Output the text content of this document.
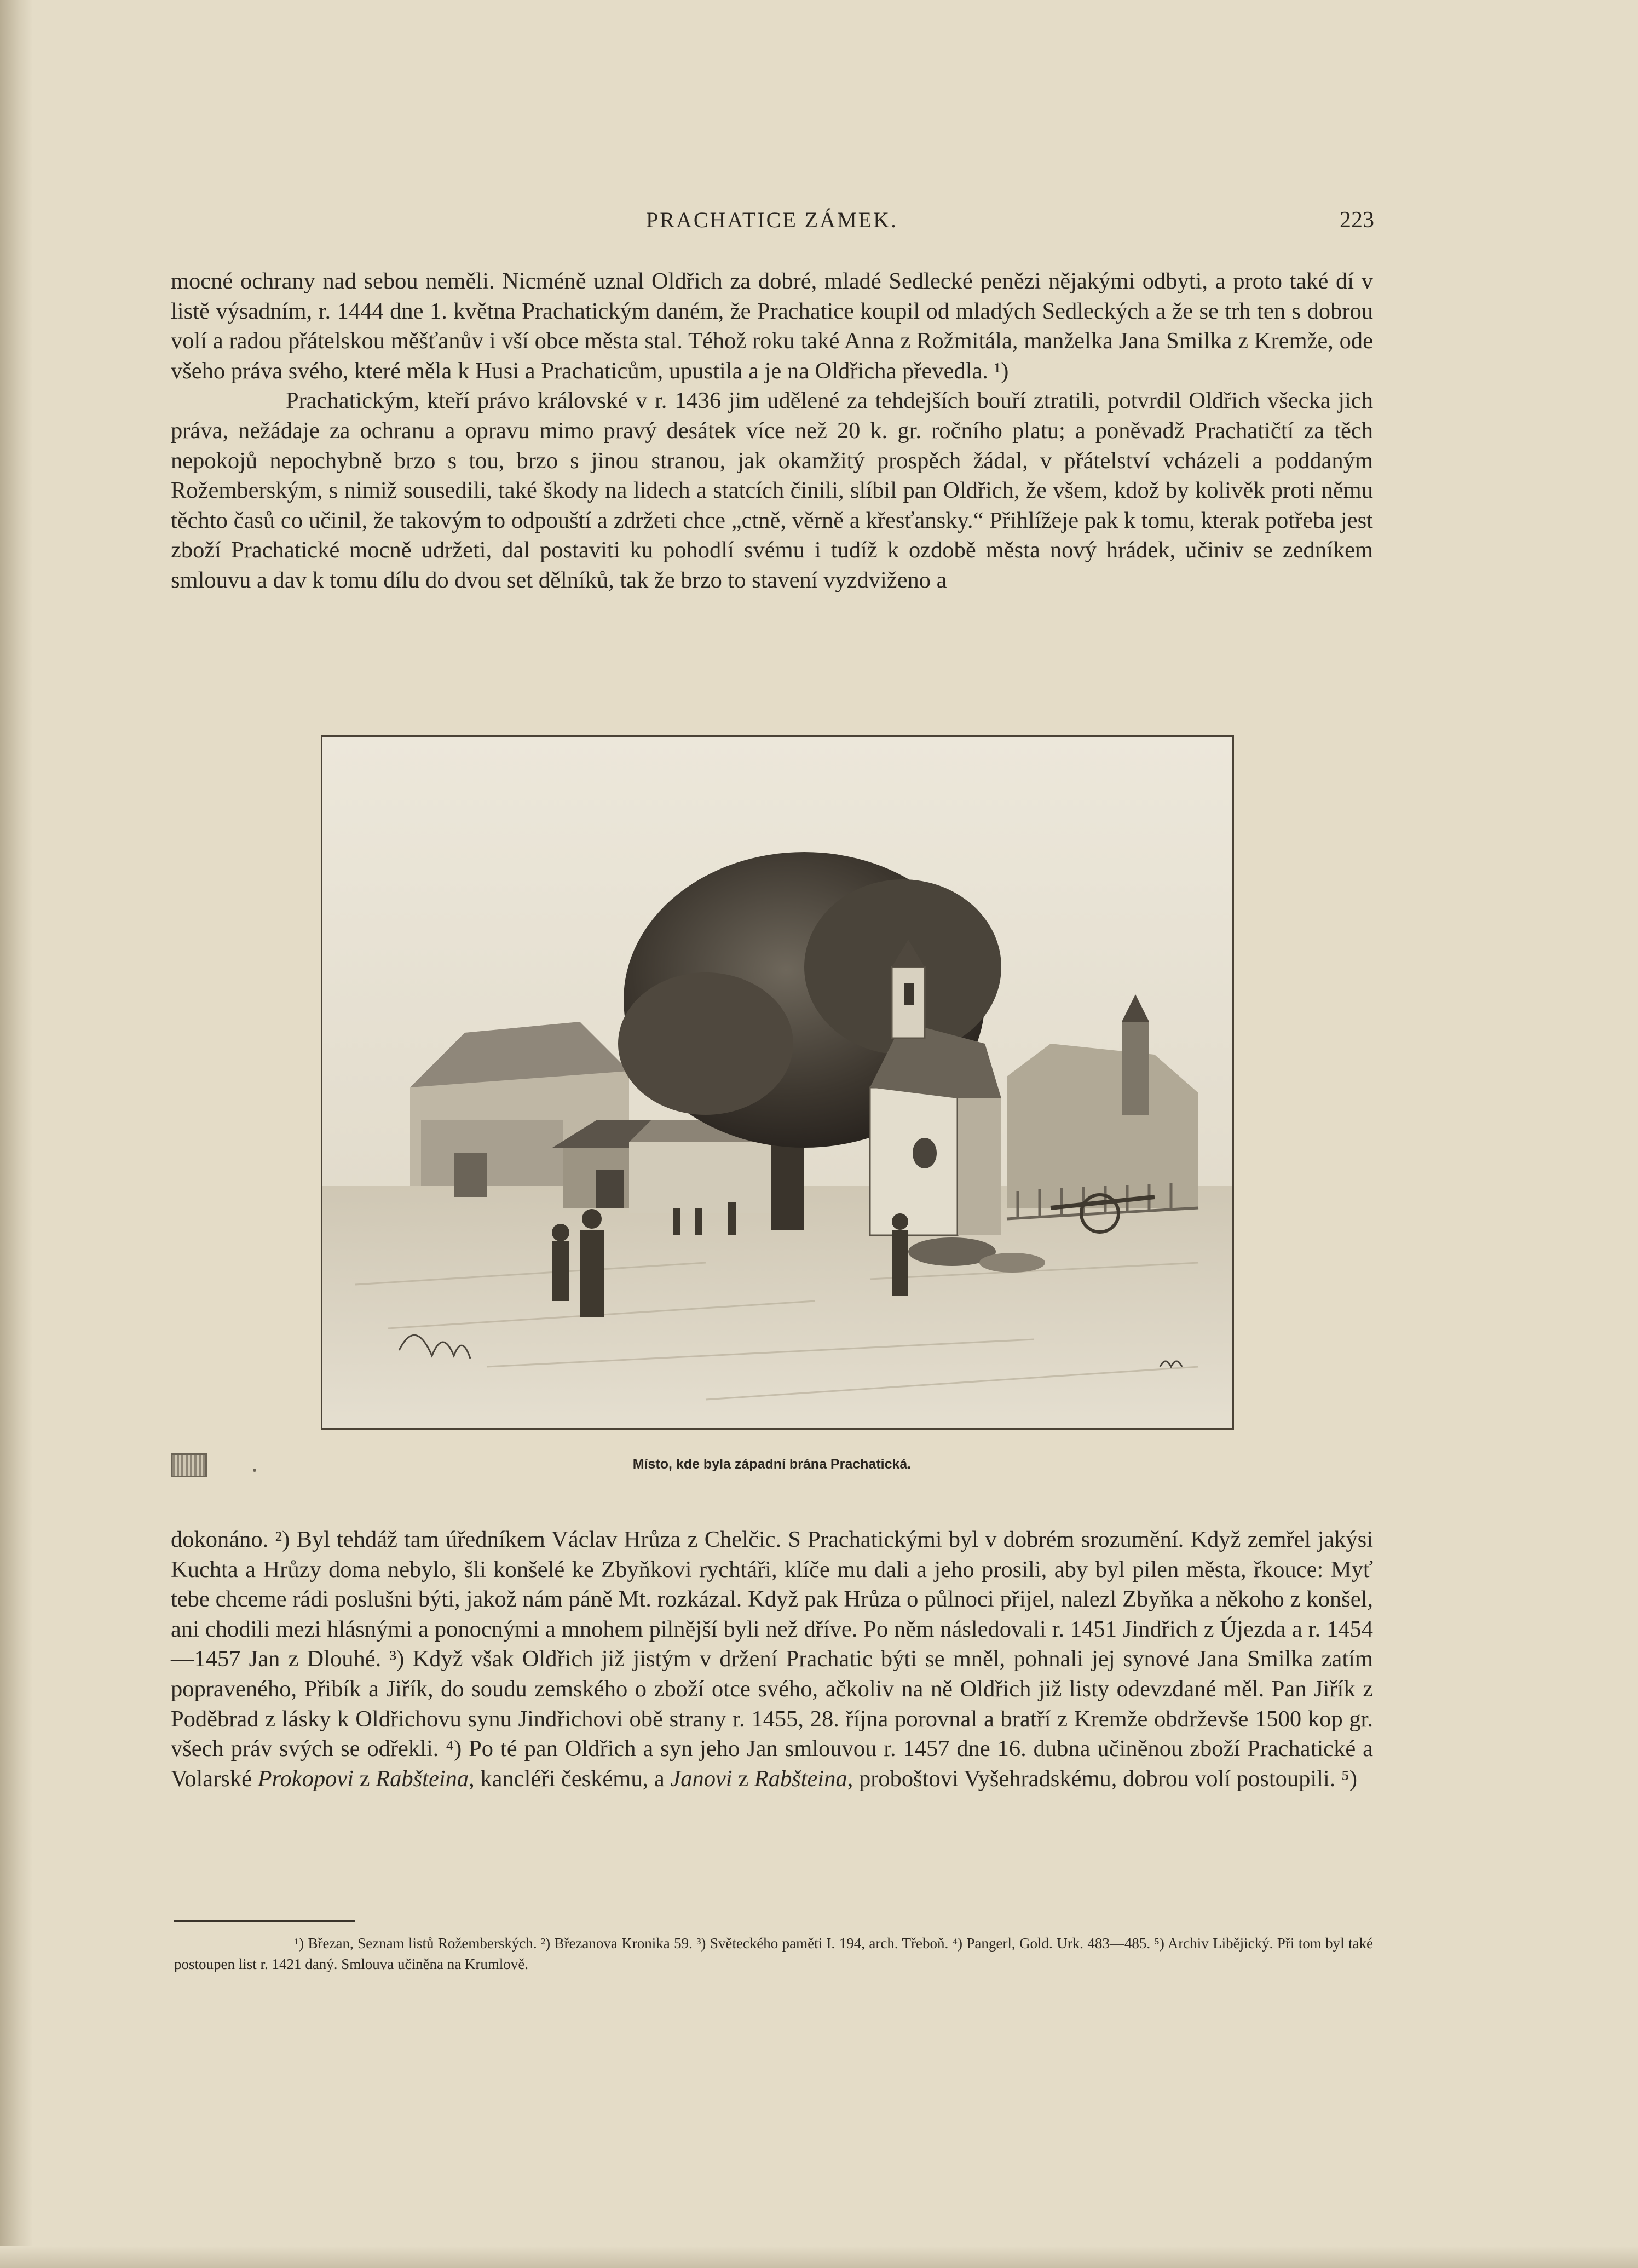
PRACHATICE ZÁMEK.	223

mocné ochrany nad sebou neměli. Nicméně uznal Oldřich za dobré, mladé Sedlecké penězi nějakými odbyti, a proto také dí v listě výsadním, r. 1444 dne 1. května Prachatickým daném, že Prachatice koupil od mladých Sedleckých a že se trh ten s dobrou volí a radou přátelskou měšťanův i vší obce města stal. Téhož roku také Anna z Rožmitála, manželka Jana Smilka z Kremže, ode všeho práva svého, které měla k Husi a Prachaticům, upustila a je na Oldřicha převedla. ¹)

Prachatickým, kteří právo královské v r. 1436 jim udělené za tehdejších bouří ztratili, potvrdil Oldřich všecka jich práva, nežádaje za ochranu a opravu mimo pravý desátek více než 20 k. gr. ročního platu; a poněvadž Prachatičtí za těch nepokojů nepochybně brzo s tou, brzo s jinou stranou, jak okamžitý prospěch žádal, v přátelství vcházeli a poddaným Rožemberským, s nimiž sousedili, také škody na lidech a statcích činili, slíbil pan Oldřich, že všem, kdož by kolivěk proti němu těchto časů co učinil, že takovým to odpouští a zdržeti chce „ctně, věrně a křesťansky.“ Přihlížeje pak k tomu, kterak potřeba jest zboží Prachatické mocně udržeti, dal postaviti ku pohodlí svému i tudíž k ozdobě města nový hrádek, učiniv se zedníkem smlouvu a dav k tomu dílu do dvou set dělníků, tak že brzo to stavení vyzdviženo a

Místo, kde byla západní brána Prachatická.

dokonáno. ²) Byl tehdáž tam úředníkem Václav Hrůza z Chelčic. S Prachatickými byl v dobrém srozumění. Když zemřel jakýsi Kuchta a Hrůzy doma nebylo, šli konšelé ke Zbyňkovi rychtáři, klíče mu dali a jeho prosili, aby byl pilen města, řkouce: Myť tebe chceme rádi poslušni býti, jakož nám páně Mt. rozkázal. Když pak Hrůza o půlnoci přijel, nalezl Zbyňka a někoho z konšel, ani chodili mezi hlásnými a ponocnými a mnohem pilnější byli než dříve. Po něm následovali r. 1451 Jindřich z Újezda a r. 1454—1457 Jan z Dlouhé. ³) Když však Oldřich již jistým v držení Prachatic býti se mněl, pohnali jej synové Jana Smilka zatím popraveného, Přibík a Jiřík, do soudu zemského o zboží otce svého, ačkoliv na ně Oldřich již listy odevzdané měl. Pan Jiřík z Poděbrad z lásky k Oldřichovu synu Jindřichovi obě strany r. 1455, 28. října porovnal a bratří z Kremže obdrževše 1500 kop gr. všech práv svých se odřekli. ⁴) Po té pan Oldřich a syn jeho Jan smlouvou r. 1457 dne 16. dubna učiněnou zboží Prachatické a Volarské Prokopovi z Rabšteina, kancléři českému, a Janovi z Rabšteina, proboštovi Vyšehradskému, dobrou volí postoupili. ⁵)

¹) Březan, Seznam listů Rožemberských. ²) Březanova Kronika 59. ³) Světeckého paměti I. 194, arch. Třeboň. ⁴) Pangerl, Gold. Urk. 483—485. ⁵) Archiv Libějický. Při tom byl také postoupen list r. 1421 daný. Smlouva učiněna na Krumlově.
